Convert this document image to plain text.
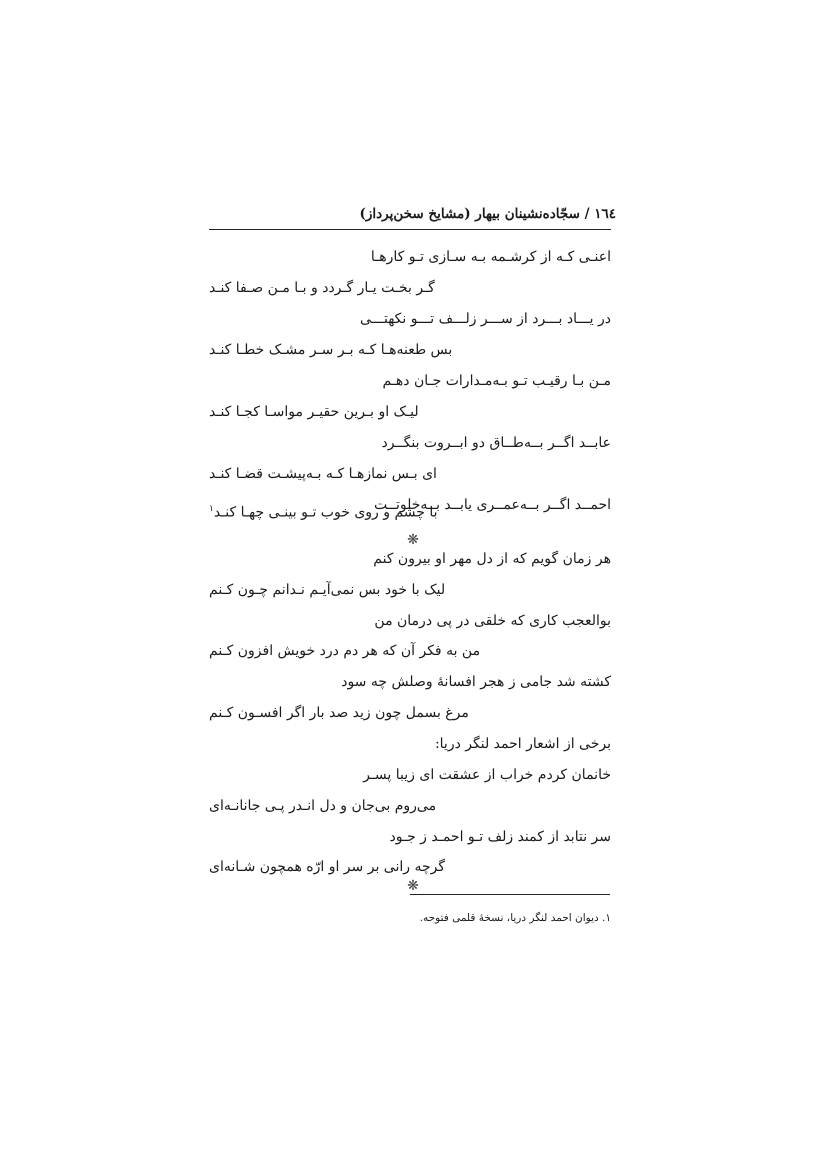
١٦٤ / سجّاده‌نشینان بیهار (مشایخ سخن‌پرداز)
اعنـی کـه از کرشـمه بـه سـازی تـو کارهـا
گـر بخـت یـار گـردد و بـا مـن صـفا کنـد
در یـــاد بـــرد از ســـر زلـــف تـــو نکهتـــی
بس طعنه‌هـا کـه بـر سـر مشـک خطـا کنـد
مـن بـا رقیـب تـو بـه‌مـدارات جـان دهـم
لیـک او بـرین حقیـر مواسـا کجـا کنـد
عابــد اگــر بــه‌طــاق دو ابــروت بنگــرد
ای بـس نمازهـا کـه بـه‌پیشـت قضـا کنـد
احمــد اگــر بــه‌عمــری یابــد بــه‌خلوتــت
با چشم و روی خوب تـو بینـی چهـا کنـد$^١$
❋
هر زمان گویم که از دل مهر او بیرون کنم
لیک با خود بس نمی‌آیـم نـدانم چـون کـنم
بوالعجب کاری که خلقی در پی درمان من
من به فکر آن که هر دم درد خویش افزون کـنم
کشته شد جامی ز هجر افسانهٔ وصلش چه سود
مرغ بسمل چون زید صد بار اگر افسـون کـنم
برخی از اشعار احمد لنگر دریا:
خانمان کردم خراب از عشقت ای زیبا پسـر
می‌روم بی‌جان و دل انـدر پـی جانانـه‌ای
سر نتابد از کمند زلف تـو احمـد ز جـود
گرچه رانی بر سر او ارّه همچون شـانه‌ای
❋
١. دیوان احمد لنگر دریا، نسخهٔ قلمی فتوحه.
